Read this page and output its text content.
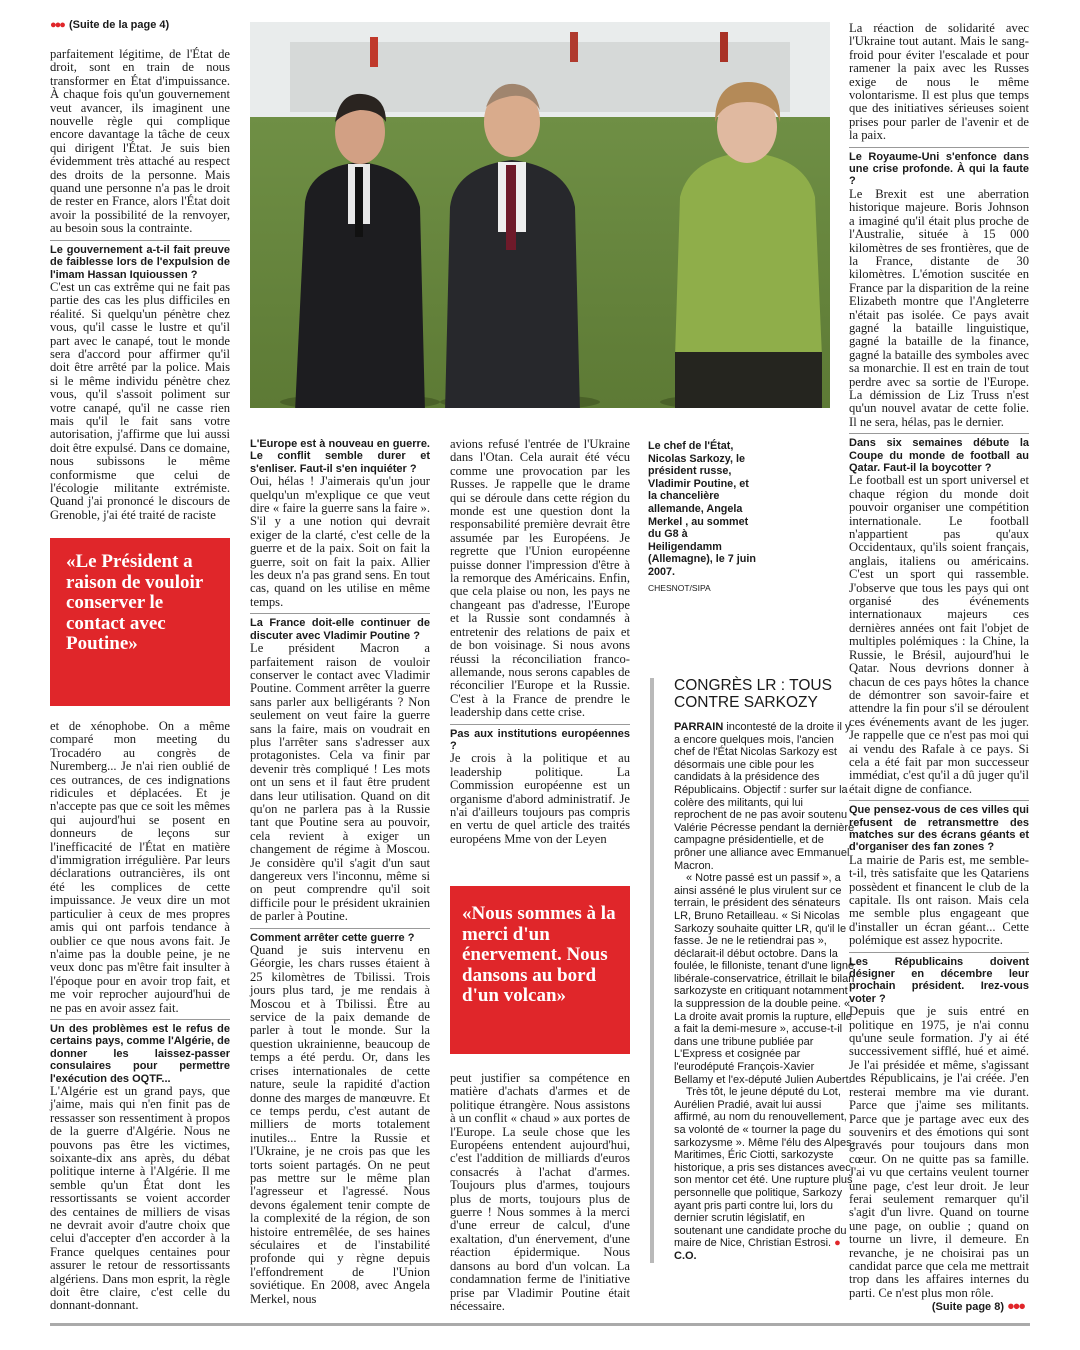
●●● (Suite de la page 4)

parfaitement légitime, de l'État de droit, sont en train de nous transformer en État d'impuissance. À chaque fois qu'un gouvernement veut avancer, ils imaginent une nouvelle règle qui complique encore davantage la tâche de ceux qui dirigent l'État. Je suis bien évidemment très attaché au respect des droits de la personne. Mais quand une personne n'a pas le droit de rester en France, alors l'État doit avoir la possibilité de la renvoyer, au besoin sous la contrainte.

Le gouvernement a-t-il fait preuve de faiblesse lors de l'expulsion de l'imam Hassan Iquioussen ?

C'est un cas extrême qui ne fait pas partie des cas les plus difficiles en réalité. Si quelqu'un pénètre chez vous, qu'il casse le lustre et qu'il part avec le canapé, tout le monde sera d'accord pour affirmer qu'il doit être arrêté par la police. Mais si le même individu pénètre chez vous, qu'il s'assoit poliment sur votre canapé, qu'il ne casse rien mais qu'il le fait sans votre autorisation, j'affirme que lui aussi doit être expulsé. Dans ce domaine, nous subissons le même conformisme que celui de l'écologie militante extrémiste. Quand j'ai prononcé le discours de Grenoble, j'ai été traité de raciste

«Le Président a raison de vouloir conserver le contact avec Poutine»

et de xénophobe. On a même comparé mon meeting du Trocadéro au congrès de Nuremberg... Je n'ai rien oublié de ces outrances, de ces indignations ridicules et déplacées. Et je n'accepte pas que ce soit les mêmes qui aujourd'hui se posent en donneurs de leçons sur l'inefficacité de l'État en matière d'immigration irrégulière. Par leurs déclarations outrancières, ils ont été les complices de cette impuissance. Je veux dire un mot particulier à ceux de mes propres amis qui ont parfois tendance à oublier ce que nous avons fait. Je n'aime pas la double peine, je ne veux donc pas m'être fait insulter à l'époque pour en avoir trop fait, et me voir reprocher aujourd'hui de ne pas en avoir assez fait.

Un des problèmes est le refus de certains pays, comme l'Algérie, de donner les laissez-passer consulaires pour permettre l'exécution des OQTF...

L'Algérie est un grand pays, que j'aime, mais qui n'en finit pas de ressasser son ressentiment à propos de la guerre d'Algérie. Nous ne pouvons pas être les victimes, soixante-dix ans après, du débat politique interne à l'Algérie. Il me semble qu'un État dont les ressortissants se voient accorder des centaines de milliers de visas ne devrait avoir d'autre choix que celui d'accepter d'en accorder à la France quelques centaines pour assurer le retour de ressortissants algériens. Dans mon esprit, la règle doit être claire, c'est celle du donnant-donnant.

L'Europe est à nouveau en guerre. Le conflit semble durer et s'enliser. Faut-il s'en inquiéter ?

Oui, hélas ! J'aimerais qu'un jour quelqu'un m'explique ce que veut dire « faire la guerre sans la faire ». S'il y a une notion qui devrait exiger de la clarté, c'est celle de la guerre et de la paix. Soit on fait la guerre, soit on fait la paix. Allier les deux n'a pas grand sens. En tout cas, quand on les utilise en même temps.

La France doit-elle continuer de discuter avec Vladimir Poutine ?

Le président Macron a parfaitement raison de vouloir conserver le contact avec Vladimir Poutine. Comment arrêter la guerre sans parler aux belligérants ? Non seulement on veut faire la guerre sans la faire, mais on voudrait en plus l'arrêter sans s'adresser aux protagonistes. Cela va finir par devenir très compliqué ! Les mots ont un sens et il faut être prudent dans leur utilisation. Quand on dit qu'on ne parlera pas à la Russie tant que Poutine sera au pouvoir, cela revient à exiger un changement de régime à Moscou. Je considère qu'il s'agit d'un saut dangereux vers l'inconnu, même si on peut comprendre qu'il soit difficile pour le président ukrainien de parler à Poutine.

Comment arrêter cette guerre ?

Quand je suis intervenu en Géorgie, les chars russes étaient à 25 kilomètres de Tbilissi. Trois jours plus tard, je me rendais à Moscou et à Tbilissi. Être au service de la paix demande de parler à tout le monde. Sur la question ukrainienne, beaucoup de temps a été perdu. Or, dans les crises internationales de cette nature, seule la rapidité d'action donne des marges de manœuvre. Et ce temps perdu, c'est autant de milliers de morts totalement inutiles... Entre la Russie et l'Ukraine, je ne crois pas que les torts soient partagés. On ne peut pas mettre sur le même plan l'agresseur et l'agressé. Nous devons également tenir compte de la complexité de la région, de son histoire entremêlée, de ses haines séculaires et de l'instabilité profonde qui y règne depuis l'effondrement de l'Union soviétique. En 2008, avec Angela Merkel, nous

avions refusé l'entrée de l'Ukraine dans l'Otan. Cela aurait été vécu comme une provocation par les Russes. Je rappelle que le drame qui se déroule dans cette région du monde est une question dont la responsabilité première devrait être assumée par les Européens. Je regrette que l'Union européenne puisse donner l'impression d'être à la remorque des Américains. Enfin, que cela plaise ou non, les pays ne changeant pas d'adresse, l'Europe et la Russie sont condamnés à entretenir des relations de paix et de bon voisinage. Si nous avons réussi la réconciliation franco-allemande, nous serons capables de réconcilier l'Europe et la Russie. C'est à la France de prendre le leadership dans cette crise.

Pas aux institutions européennes ?

Je crois à la politique et au leadership politique. La Commission européenne est un organisme d'abord administratif. Je n'ai d'ailleurs toujours pas compris en vertu de quel article des traités européens Mme von der Leyen

«Nous sommes à la merci d'un énervement. Nous dansons au bord d'un volcan»

peut justifier sa compétence en matière d'achats d'armes et de politique étrangère. Nous assistons à un conflit « chaud » aux portes de l'Europe. La seule chose que les Européens entendent aujourd'hui, c'est l'addition de milliards d'euros consacrés à l'achat d'armes. Toujours plus d'armes, toujours plus de morts, toujours plus de guerre ! Nous sommes à la merci d'une erreur de calcul, d'une exaltation, d'un énervement, d'une réaction épidermique. Nous dansons au bord d'un volcan. La condamnation ferme de l'initiative prise par Vladimir Poutine était nécessaire.

Le chef de l'État, Nicolas Sarkozy, le président russe, Vladimir Poutine, et la chancelière allemande, Angela Merkel , au sommet du G8 à Heiligendamm (Allemagne), le 7 juin 2007.
CHESNOT/SIPA
CONGRÈS LR : TOUS CONTRE SARKOZY

PARRAIN incontesté de la droite il y a encore quelques mois, l'ancien chef de l'État Nicolas Sarkozy est désormais une cible pour les candidats à la présidence des Républicains. Objectif : surfer sur la colère des militants, qui lui reprochent de ne pas avoir soutenu Valérie Pécresse pendant la dernière campagne présidentielle, et de prôner une alliance avec Emmanuel Macron.

« Notre passé est un passif », a ainsi asséné le plus virulent sur ce terrain, le président des sénateurs LR, Bruno Retailleau. « Si Nicolas Sarkozy souhaite quitter LR, qu'il le fasse. Je ne le retiendrai pas », déclarait-il début octobre. Dans la foulée, le filloniste, tenant d'une ligne libérale-conservatrice, étrillait le bilan sarkozyste en critiquant notamment la suppression de la double peine. « La droite avait promis la rupture, elle a fait la demi-mesure », accuse-t-il dans une tribune publiée par L'Express et cosignée par l'eurodéputé François-Xavier Bellamy et l'ex-député Julien Aubert.

Très tôt, le jeune député du Lot, Aurélien Pradié, avait lui aussi affirmé, au nom du renouvellement, sa volonté de « tourner la page du sarkozysme ». Même l'élu des Alpes-Maritimes, Éric Ciotti, sarkozyste historique, a pris ses distances avec son mentor cet été. Une rupture plus personnelle que politique, Sarkozy ayant pris parti contre lui, lors du dernier scrutin législatif, en soutenant une candidate proche du maire de Nice, Christian Estrosi. ● C.O.

La réaction de solidarité avec l'Ukraine tout autant. Mais le sang-froid pour éviter l'escalade et pour ramener la paix avec les Russes exige de nous le même volontarisme. Il est plus que temps que des initiatives sérieuses soient prises pour parler de l'avenir et de la paix.

Le Royaume-Uni s'enfonce dans une crise profonde. À qui la faute ?

Le Brexit est une aberration historique majeure. Boris Johnson a imaginé qu'il était plus proche de l'Australie, située à 15 000 kilomètres de ses frontières, que de la France, distante de 30 kilomètres. L'émotion suscitée en France par la disparition de la reine Elizabeth montre que l'Angleterre n'était pas isolée. Ce pays avait gagné la bataille linguistique, gagné la bataille de la finance, gagné la bataille des symboles avec sa monarchie. Il est en train de tout perdre avec sa sortie de l'Europe. La démission de Liz Truss n'est qu'un nouvel avatar de cette folie. Il ne sera, hélas, pas le dernier.

Dans six semaines débute la Coupe du monde de football au Qatar. Faut-il la boycotter ?

Le football est un sport universel et chaque région du monde doit pouvoir organiser une compétition internationale. Le football n'appartient pas qu'aux Occidentaux, qu'ils soient français, anglais, italiens ou américains. C'est un sport qui rassemble. J'observe que tous les pays qui ont organisé des événements internationaux majeurs ces dernières années ont fait l'objet de multiples polémiques : la Chine, la Russie, le Brésil, aujourd'hui le Qatar. Nous devrions donner à chacun de ces pays hôtes la chance de démontrer son savoir-faire et attendre la fin pour s'il se déroulent ces événements avant de les juger. Je rappelle que ce n'est pas moi qui ai vendu des Rafale à ce pays. Si cela a été fait par mon successeur immédiat, c'est qu'il a dû juger qu'il était digne de confiance.

Que pensez-vous de ces villes qui refusent de retransmettre des matches sur des écrans géants et d'organiser des fan zones ?

La mairie de Paris est, me semble-t-il, très satisfaite que les Qatariens possèdent et financent le club de la capitale. Ils ont raison. Mais cela me semble plus engageant que d'installer un écran géant... Cette polémique est assez hypocrite.

Les Républicains doivent désigner en décembre leur prochain président. Irez-vous voter ?

Depuis que je suis entré en politique en 1975, je n'ai connu qu'une seule formation. J'y ai été successivement sifflé, hué et aimé. Je l'ai présidée et même, s'agissant des Républicains, je l'ai créée. J'en resterai membre ma vie durant. Parce que j'aime ses militants. Parce que je partage avec eux des souvenirs et des émotions qui sont gravés pour toujours dans mon cœur. On ne quitte pas sa famille. J'ai vu que certains veulent tourner une page, c'est leur droit. Je leur ferai seulement remarquer qu'il s'agit d'un livre. Quand on tourne une page, on oublie ; quand on tourne un livre, il demeure. En revanche, je ne choisirai pas un candidat parce que cela me mettrait trop dans les affaires internes du parti. Ce n'est plus mon rôle.

(Suite page 8) ●●●
